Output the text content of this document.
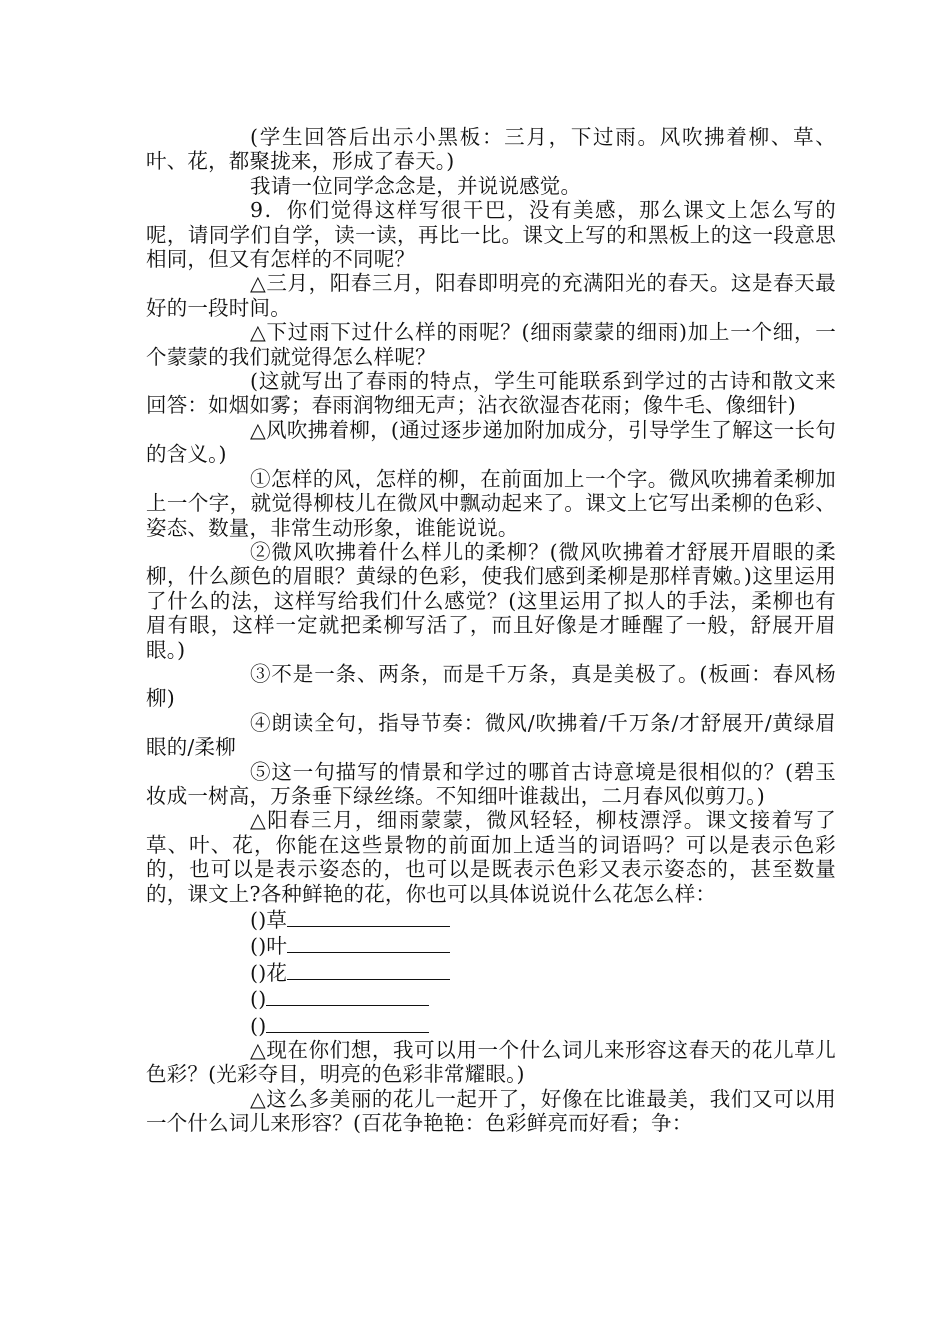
(学生回答后出示小黑板：三月，下过雨。风吹拂着柳、草、叶、花，都聚拢来，形成了春天。)

我请一位同学念念是，并说说感觉。

9．你们觉得这样写很干巴，没有美感，那么课文上怎么写的呢，请同学们自学，读一读，再比一比。课文上写的和黑板上的这一段意思相同，但又有怎样的不同呢？

△三月，阳春三月，阳春即明亮的充满阳光的春天。这是春天最好的一段时间。

△下过雨下过什么样的雨呢？(细雨蒙蒙的细雨)加上一个细，一个蒙蒙的我们就觉得怎么样呢？

(这就写出了春雨的特点，学生可能联系到学过的古诗和散文来回答：如烟如雾；春雨润物细无声；沾衣欲湿杏花雨；像牛毛、像细针)

△风吹拂着柳，(通过逐步递加附加成分，引导学生了解这一长句的含义。)

①怎样的风，怎样的柳，在前面加上一个字。微风吹拂着柔柳加上一个字，就觉得柳枝儿在微风中飘动起来了。课文上它写出柔柳的色彩、姿态、数量，非常生动形象，谁能说说。

②微风吹拂着什么样儿的柔柳？(微风吹拂着才舒展开眉眼的柔柳，什么颜色的眉眼？黄绿的色彩，使我们感到柔柳是那样青嫩。)这里运用了什么的法，这样写给我们什么感觉？(这里运用了拟人的手法，柔柳也有眉有眼，这样一定就把柔柳写活了，而且好像是才睡醒了一般，舒展开眉眼。)

③不是一条、两条，而是千万条，真是美极了。(板画：春风杨柳)

④朗读全句，指导节奏：微风/吹拂着/千万条/才舒展开/黄绿眉眼的/柔柳

⑤这一句描写的情景和学过的哪首古诗意境是很相似的？(碧玉妆成一树高，万条垂下绿丝绦。不知细叶谁裁出，二月春风似剪刀。)

△阳春三月，细雨蒙蒙，微风轻轻，柳枝漂浮。课文接着写了草、叶、花，你能在这些景物的前面加上适当的词语吗？可以是表示色彩的，也可以是表示姿态的，也可以是既表示色彩又表示姿态的，甚至数量的，课文上?各种鲜艳的花，你也可以具体说说什么花怎么样：

()草
()叶
()花
()
()

△现在你们想，我可以用一个什么词儿来形容这春天的花儿草儿色彩？(光彩夺目，明亮的色彩非常耀眼。)

△这么多美丽的花儿一起开了，好像在比谁最美，我们又可以用一个什么词儿来形容？(百花争艳艳：色彩鲜亮而好看；争：
